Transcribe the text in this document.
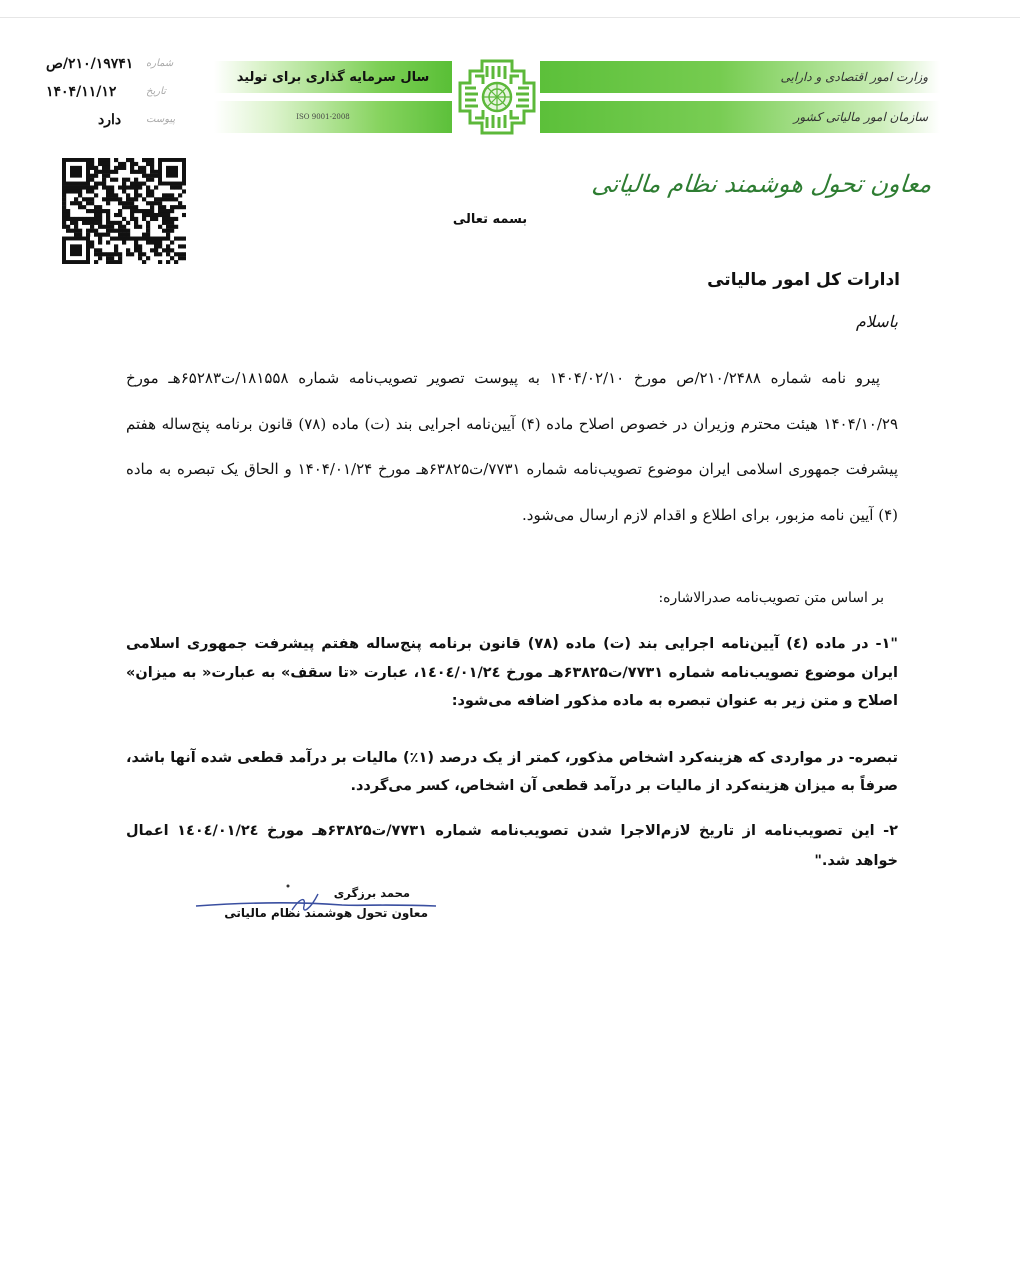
۲۱۰/۱۹۷۴۱/ص شماره
۱۴۰۴/۱۱/۱۲	تاریخ
دارد پیوست
سال سرمایه گذاری برای تولید
ISO 9001-2008
وزارت امور اقتصادی و دارایی
سازمان امور مالیاتی کشور
معاون تحول هوشمند نظام مالیاتی
بسمه تعالی
ادارات کل امور مالیاتی
باسلام
پیرو نامه شماره ۲۱۰/۲۴۸۸/ص مورخ ۱۴۰۴/۰۲/۱۰ به پیوست تصویر تصویب‌نامه شماره ۱۸۱۵۵۸/ت۶۵۲۸۳هـ مورخ ۱۴۰۴/۱۰/۲۹ هیئت محترم وزیران در خصوص اصلاح ماده (۴) آیین‌نامه اجرایی بند (ت) ماده (۷۸) قانون برنامه پنج‌ساله هفتم پیشرفت جمهوری اسلامی ایران موضوع تصویب‌نامه شماره ۷۷۳۱/ت۶۳۸۲۵هـ مورخ ۱۴۰۴/۰۱/۲۴ و الحاق یک تبصره به ماده (۴) آیین نامه مزبور، برای اطلاع و اقدام لازم ارسال می‌شود.
بر اساس متن تصویب‌نامه صدرالاشاره:
"۱- در ماده (٤) آیین‌نامه اجرایی بند (ت) ماده (۷۸) قانون برنامه پنج‌ساله هفتم پیشرفت جمهوری اسلامی ایران موضوع تصویب‌نامه شماره ۷۷۳۱/ت۶۳۸۲۵هـ مورخ ۱٤۰٤/۰۱/۲٤، عبارت «تا سقف» به عبارت« به میزان» اصلاح و متن زیر به عنوان تبصره به ماده مذکور اضافه می‌شود:
تبصره- در مواردی که هزینه‌کرد اشخاص مذکور، کمتر از یک درصد (۱٪) مالیات بر درآمد قطعی شده آنها باشد، صرفاً به میزان هزینه‌کرد از مالیات بر درآمد قطعی آن اشخاص، کسر می‌گردد.
۲- این تصویب‌نامه از تاریخ لازم‌الاجرا شدن تصویب‌نامه شماره ۷۷۳۱/ت۶۳۸۲۵هـ مورخ ۱٤۰٤/۰۱/۲٤ اعمال خواهد شد."
محمد برزگری
معاون تحول هوشمند نظام مالیاتی
